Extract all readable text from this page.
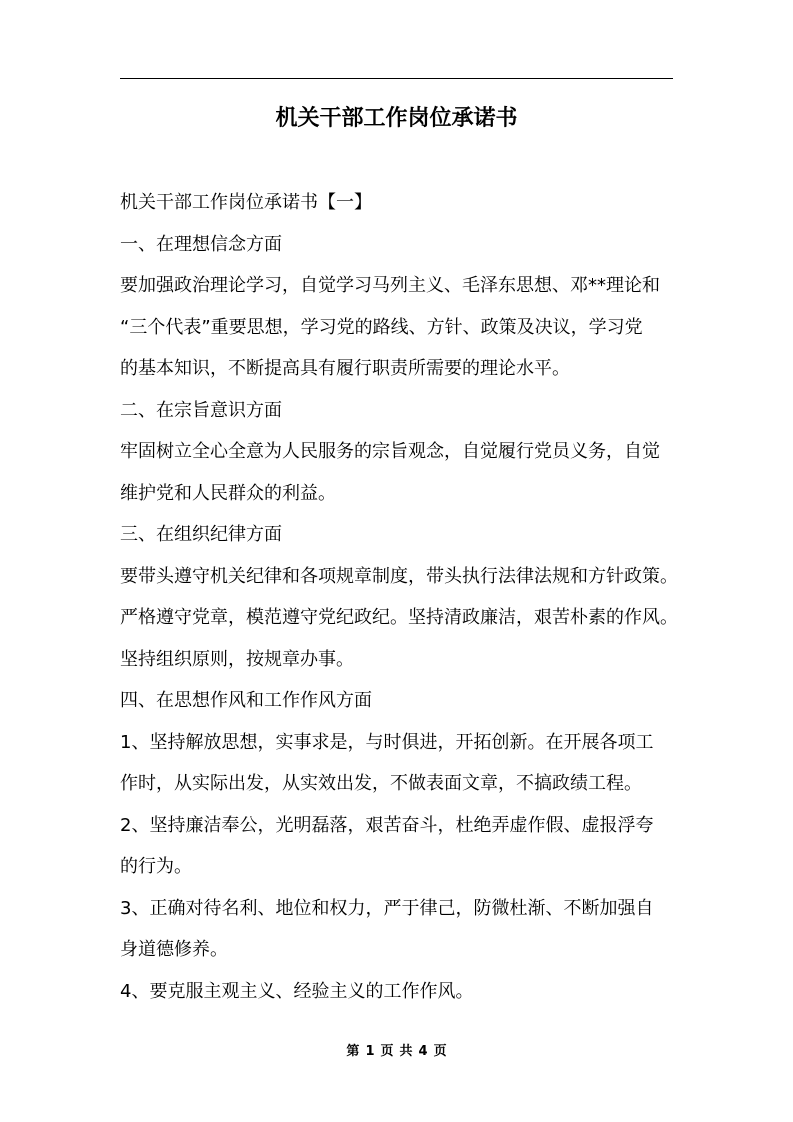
机关干部工作岗位承诺书
机关干部工作岗位承诺书【一】
一、在理想信念方面
要加强政治理论学习，自觉学习马列主义、毛泽东思想、邓**理论和
“三个代表”重要思想，学习党的路线、方针、政策及决议，学习党
的基本知识，不断提高具有履行职责所需要的理论水平。
二、在宗旨意识方面
牢固树立全心全意为人民服务的宗旨观念，自觉履行党员义务，自觉
维护党和人民群众的利益。
三、在组织纪律方面
要带头遵守机关纪律和各项规章制度，带头执行法律法规和方针政策。
严格遵守党章，模范遵守党纪政纪。坚持清政廉洁，艰苦朴素的作风。
坚持组织原则，按规章办事。
四、在思想作风和工作作风方面
1、坚持解放思想，实事求是，与时俱进，开拓创新。在开展各项工
作时，从实际出发，从实效出发，不做表面文章，不搞政绩工程。
2、坚持廉洁奉公，光明磊落，艰苦奋斗，杜绝弄虚作假、虚报浮夸
的行为。
3、正确对待名利、地位和权力，严于律己，防微杜渐、不断加强自
身道德修养。
4、要克服主观主义、经验主义的工作作风。
第 1 页 共 4 页
